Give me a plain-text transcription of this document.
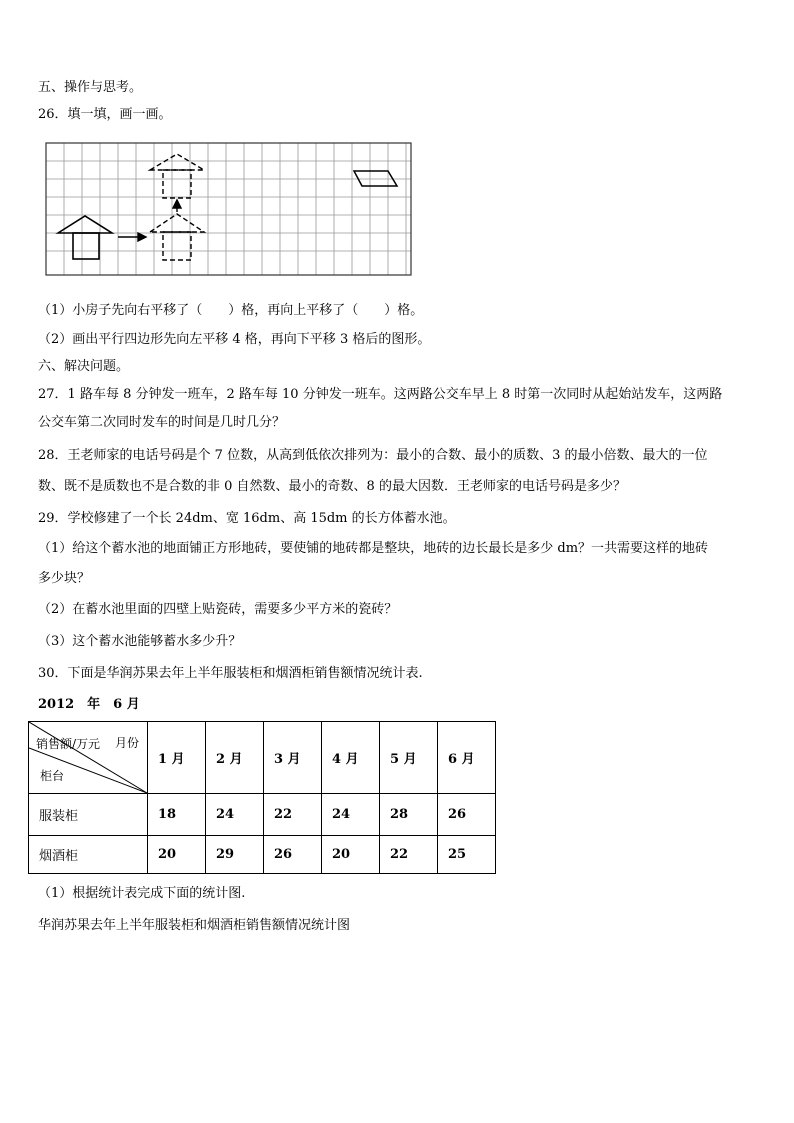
五、操作与思考。
26．填一填，画一画。
（1）小房子先向右平移了（　　）格，再向上平移了（　　）格。
（2）画出平行四边形先向左平移 4 格，再向下平移 3 格后的图形。
六、解决问题。
27．1 路车每 8 分钟发一班车，2 路车每 10 分钟发一班车。这两路公交车早上 8 时第一次同时从起始站发车，这两路
公交车第二次同时发车的时间是几时几分？
28．王老师家的电话号码是个 7 位数，从高到低依次排列为：最小的合数、最小的质数、3 的最小倍数、最大的一位
数、既不是质数也不是合数的非 0 自然数、最小的奇数、8 的最大因数．王老师家的电话号码是多少？
29．学校修建了一个长 24dm、宽 16dm、高 15dm 的长方体蓄水池。
（1）给这个蓄水池的地面铺正方形地砖，要使铺的地砖都是整块，地砖的边长最长是多少 dm？一共需要这样的地砖
多少块？
（2）在蓄水池里面的四壁上贴瓷砖，需要多少平方米的瓷砖？
（3）这个蓄水池能够蓄水多少升？
30．下面是华润苏果去年上半年服装柜和烟酒柜销售额情况统计表.
2012　年　6 月
销售额/万元 月份
柜台	1 月	2 月	3 月	4 月	5 月	6 月
服装柜	18	24	22	24	28	26
烟酒柜	20	29	26	20	22	25
（1）根据统计表完成下面的统计图.
华润苏果去年上半年服装柜和烟酒柜销售额情况统计图
